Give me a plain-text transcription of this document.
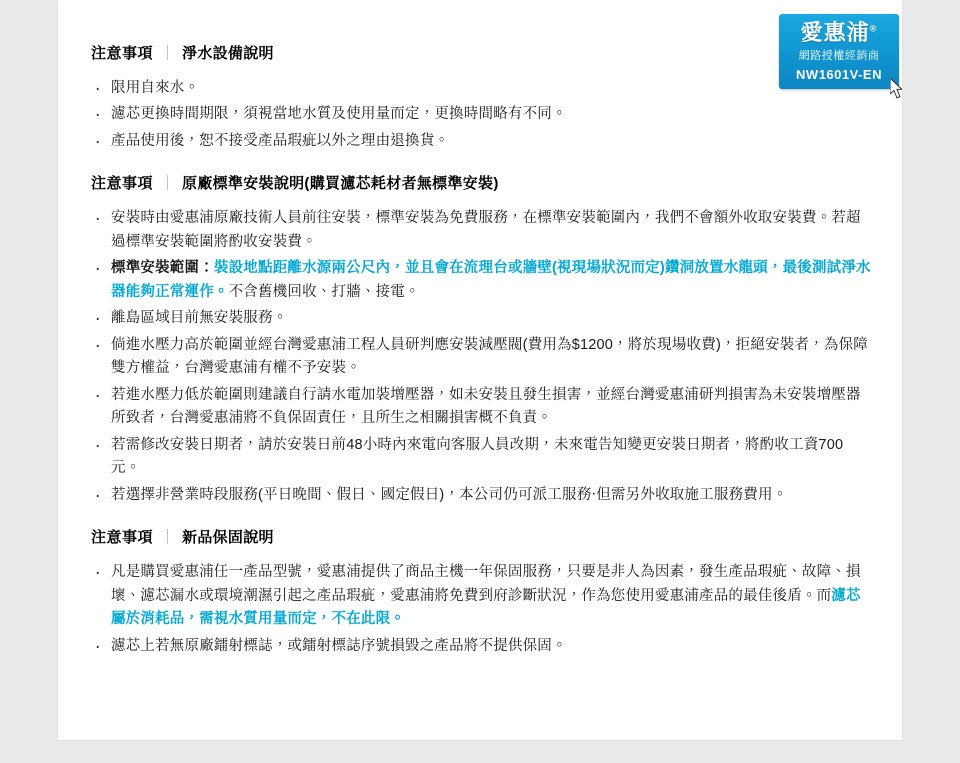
愛惠浦®
網路授權經銷商
NW1601V-EN
注意事項 ｜ 淨水設備說明
‧ 限用自來水。
‧ 濾芯更換時間期限，須視當地水質及使用量而定，更換時間略有不同。
‧ 產品使用後，恕不接受產品瑕疵以外之理由退換貨。
注意事項 ｜ 原廠標準安裝說明(購買濾芯耗材者無標準安裝)
‧ 安裝時由愛惠浦原廠技術人員前往安裝，標準安裝為免費服務，在標準安裝範圍內，我們不會額外收取安裝費。若超過標準安裝範圍將酌收安裝費。
‧ 標準安裝範圍：裝設地點距離水源兩公尺內，並且會在流理台或牆壁(視現場狀況而定)鑽洞放置水龍頭，最後測試淨水器能夠正常運作。不含舊機回收、打牆、接電。
‧ 離島區域目前無安裝服務。
‧ 倘進水壓力高於範圍並經台灣愛惠浦工程人員研判應安裝減壓閥(費用為$1200，將於現場收費)，拒絕安裝者，為保障雙方權益，台灣愛惠浦有權不予安裝。
‧ 若進水壓力低於範圍則建議自行請水電加裝增壓器，如未安裝且發生損害，並經台灣愛惠浦研判損害為未安裝增壓器所致者，台灣愛惠浦將不負保固責任，且所生之相關損害概不負責。
‧ 若需修改安裝日期者，請於安裝日前48小時內來電向客服人員改期，未來電告知變更安裝日期者，將酌收工資700元。
‧ 若選擇非營業時段服務(平日晚間、假日、國定假日)，本公司仍可派工服務‧但需另外收取施工服務費用。
注意事項 ｜ 新品保固說明
‧ 凡是購買愛惠浦任一產品型號，愛惠浦提供了商品主機一年保固服務，只要是非人為因素，發生產品瑕疵、故障、損壞、濾芯漏水或環境潮濕引起之產品瑕疵，愛惠浦將免費到府診斷狀況，作為您使用愛惠浦產品的最佳後盾。而濾芯屬於消耗品，需視水質用量而定，不在此限。
‧ 濾芯上若無原廠鐳射標誌，或鐳射標誌序號損毀之產品將不提供保固。
